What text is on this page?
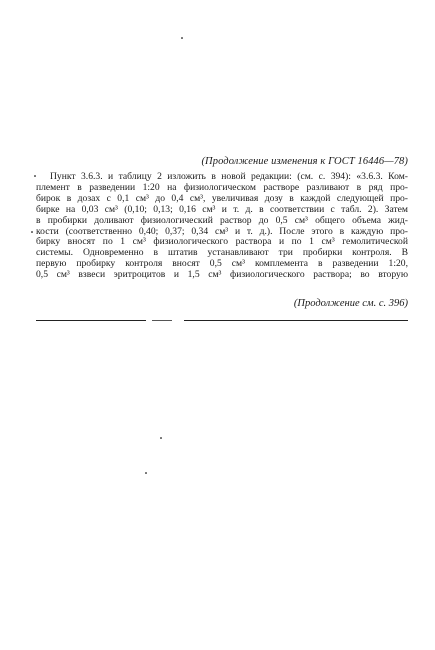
(Продолжение изменения к ГОСТ 16446—78)
Пункт 3.6.3. и таблицу 2 изложить в новой редакции: (см. с. 394): «3.6.3. Ком-
племент в разведении 1:20 на физиологическом растворе разливают в ряд про-
бирок в дозах с 0,1 см³ до 0,4 см³, увеличивая дозу в каждой следующей про-
бирке на 0,03 см³ (0,10; 0,13; 0,16 см³ и т. д. в соответствии с табл. 2). Затем
в пробирки доливают физиологический раствор до 0,5 см³ общего объема жид-
кости (соответственно 0,40; 0,37; 0,34 см³ и т. д.). После этого в каждую про-
бирку вносят по 1 см³ физиологического раствора и по 1 см³ гемолитической
системы. Одновременно в штатив устанавливают три пробирки контроля. В
первую пробирку контроля вносят 0,5 см³ комплемента в разведении 1:20,
0,5 см³ взвеси эритроцитов и 1,5 см³ физиологического раствора; во вторую
(Продолжение см. с. 396)
